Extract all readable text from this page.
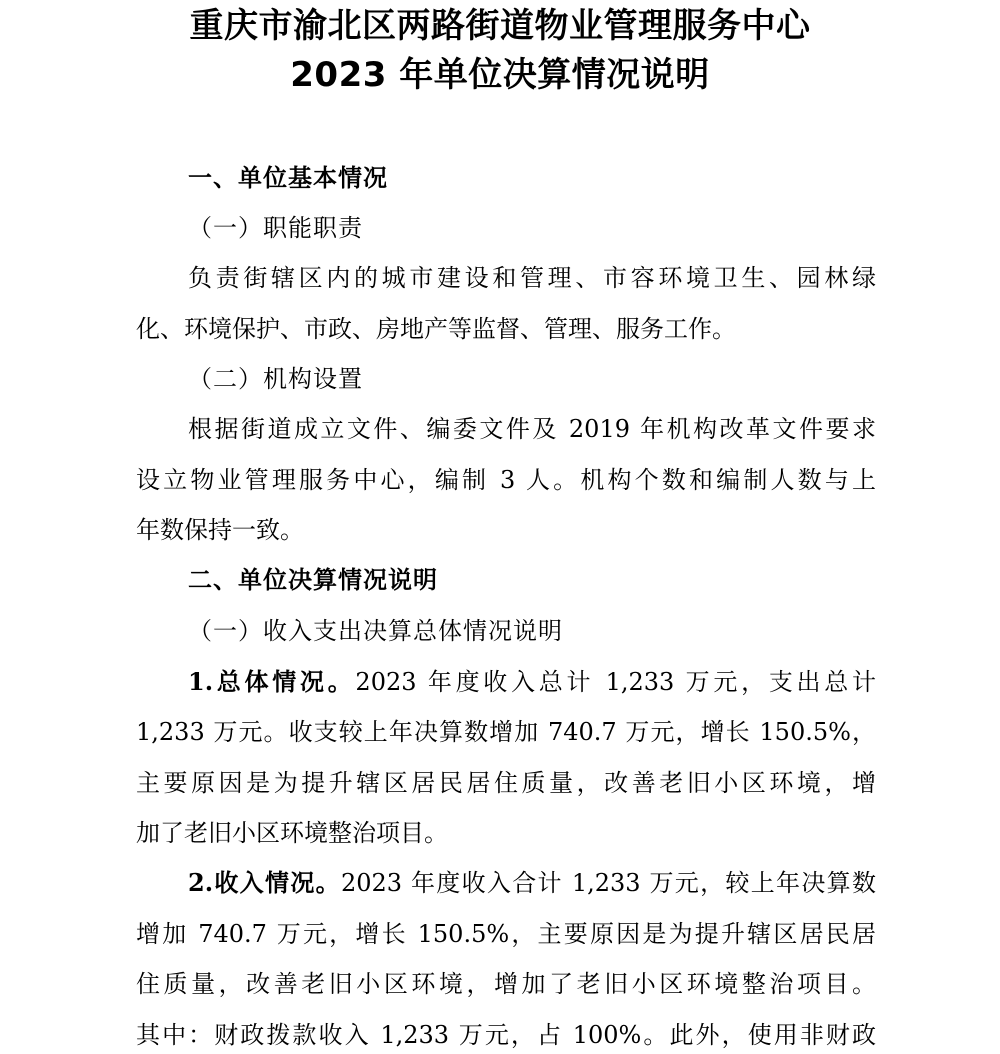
重庆市渝北区两路街道物业管理服务中心
2023 年单位决算情况说明

一、单位基本情况

（一）职能职责

负责街辖区内的城市建设和管理、市容环境卫生、园林绿

化、环境保护、市政、房地产等监督、管理、服务工作。

（二）机构设置

根据街道成立文件、编委文件及 2019 年机构改革文件要求

设立物业管理服务中心，编制 3 人。机构个数和编制人数与上

年数保持一致。

二、单位决算情况说明

（一）收入支出决算总体情况说明

1.总体情况。2023 年度收入总计 1,233 万元，支出总计

1,233 万元。收支较上年决算数增加 740.7 万元，增长 150.5%，

主要原因是为提升辖区居民居住质量，改善老旧小区环境，增

加了老旧小区环境整治项目。

2.收入情况。2023 年度收入合计 1,233 万元，较上年决算数

增加 740.7 万元，增长 150.5%，主要原因是为提升辖区居民居

住质量，改善老旧小区环境，增加了老旧小区环境整治项目。

其中：财政拨款收入 1,233 万元，占 100%。此外，使用非财政
